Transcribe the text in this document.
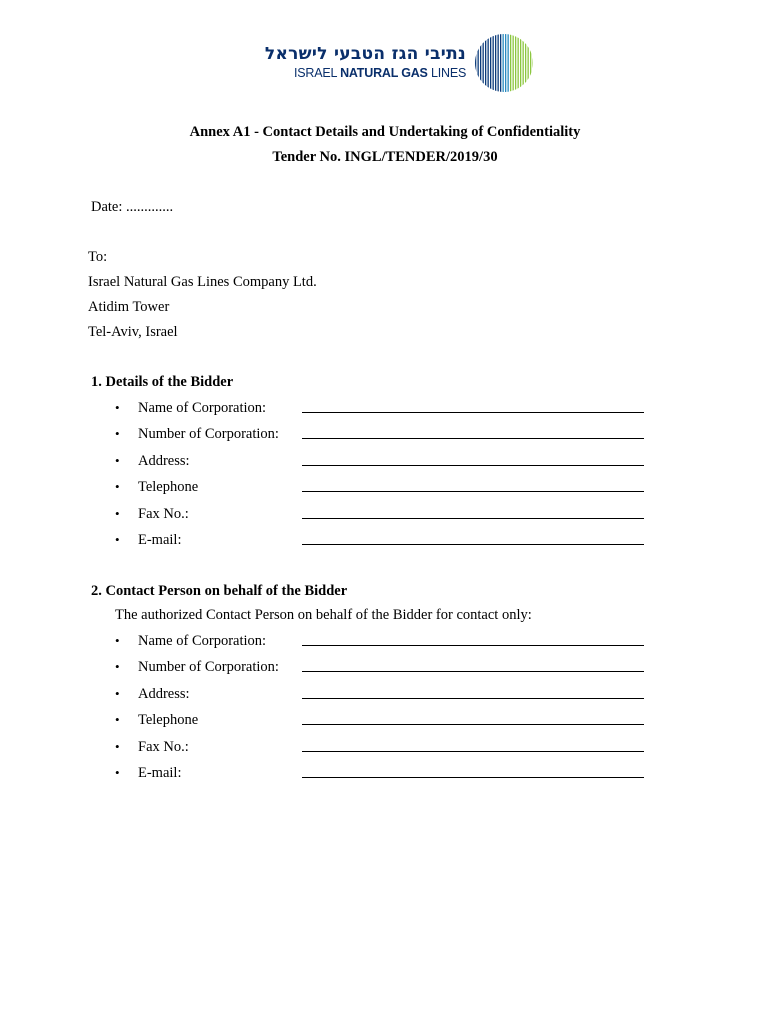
נתיבי הגז הטבעי לישראל
ISRAEL NATURAL GAS LINES
Annex A1 - Contact Details and Undertaking of Confidentiality
Tender No. INGL/TENDER/2019/30
Date: .............
To:
Israel Natural Gas Lines Company Ltd.
Atidim Tower
Tel-Aviv, Israel
1. Details of the Bidder
• Name of Corporation:
• Number of Corporation:
• Address:
• Telephone
• Fax No.:
• E-mail:
2. Contact Person on behalf of the Bidder
The authorized Contact Person on behalf of the Bidder for contact only:
• Name of Corporation:
• Number of Corporation:
• Address:
• Telephone
• Fax No.:
• E-mail:
